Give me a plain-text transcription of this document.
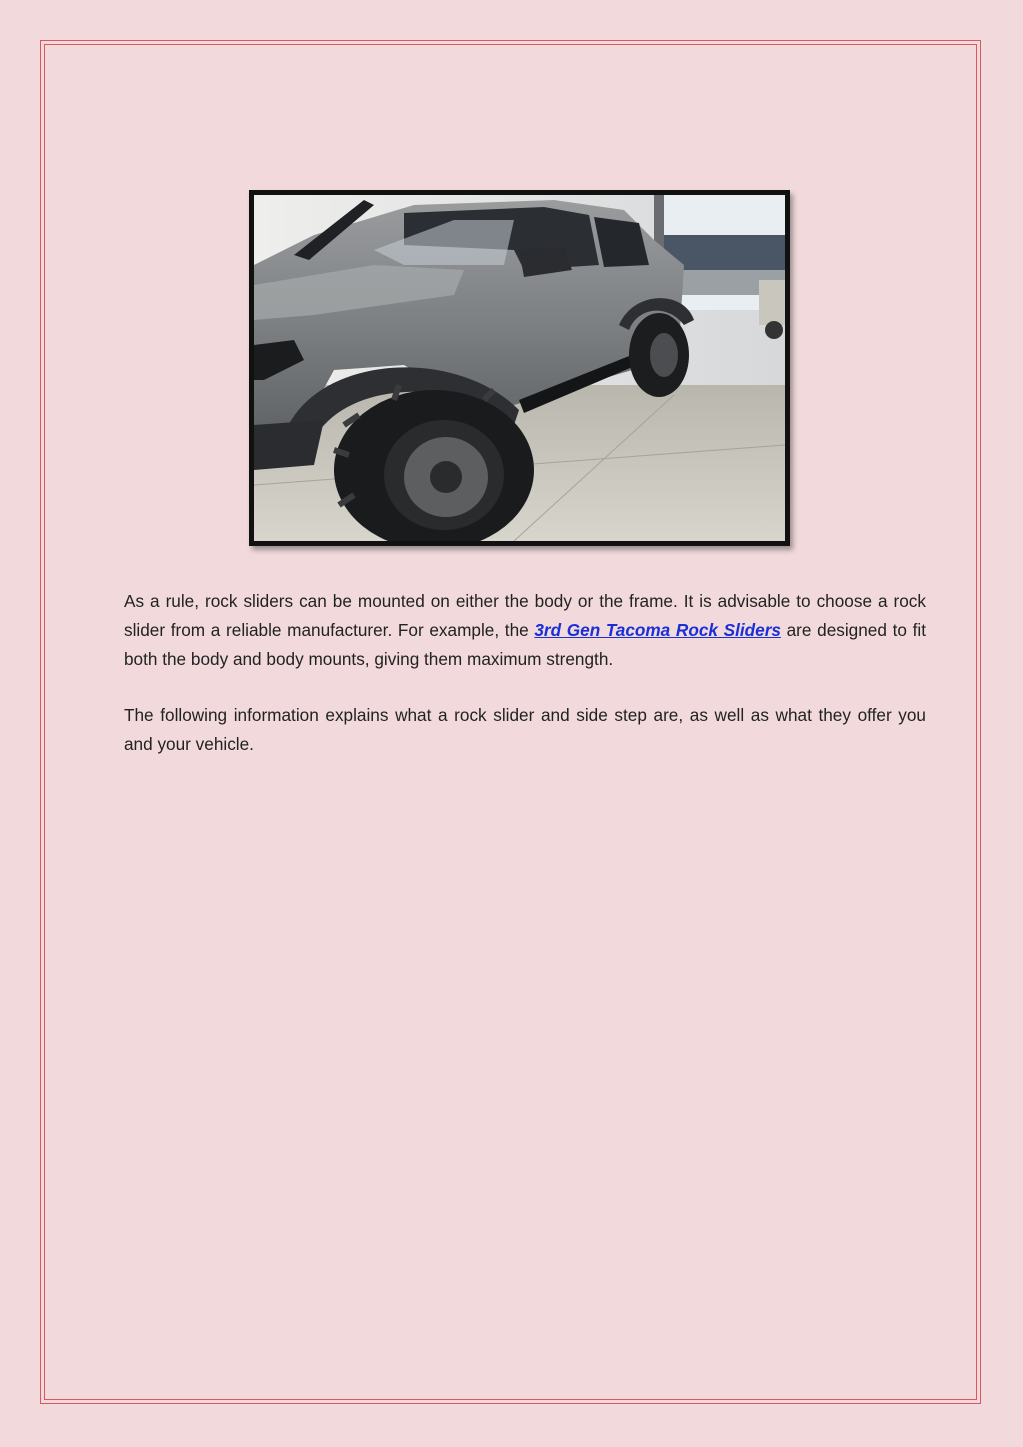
As a rule, rock sliders can be mounted on either the body or the frame. It is advisable to choose a rock slider from a reliable manufacturer. For example, the 3rd Gen Tacoma Rock Sliders are designed to fit both the body and body mounts, giving them maximum strength.

The following information explains what a rock slider and side step are, as well as what they offer you and your vehicle.
